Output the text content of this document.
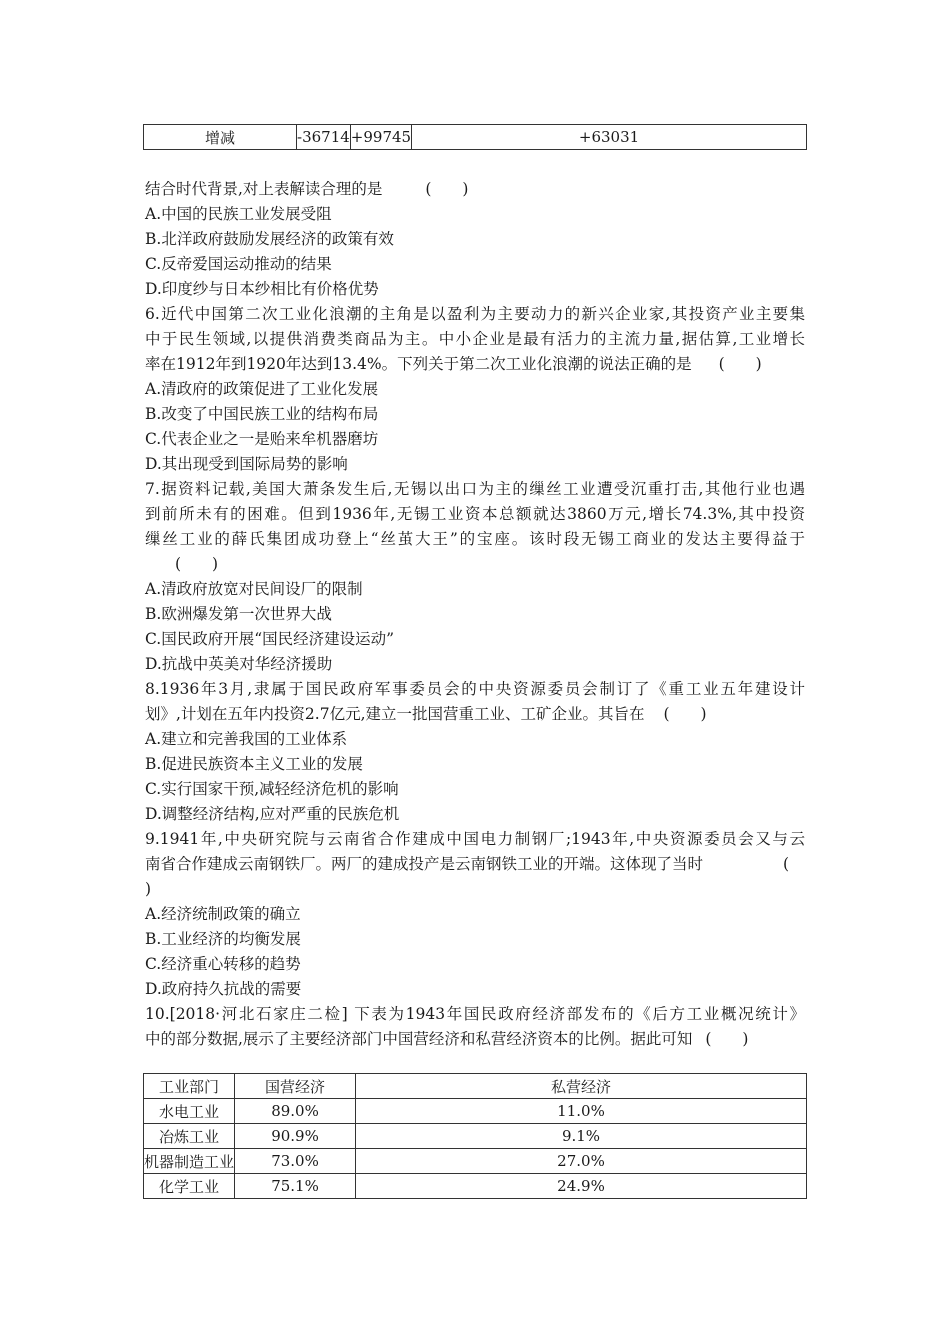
增减	-36714	+99745	+63031
结合时代背景,对上表解读合理的是	(　　)
A.中国的民族工业发展受阻
B.北洋政府鼓励发展经济的政策有效
C.反帝爱国运动推动的结果
D.印度纱与日本纱相比有价格优势
6.近代中国第二次工业化浪潮的主角是以盈利为主要动力的新兴企业家,其投资产业主要集
中于民生领域,以提供消费类商品为主。中小企业是最有活力的主流力量,据估算,工业增长
率在1912年到1920年达到13.4%。下列关于第二次工业化浪潮的说法正确的是 (　　)
A.清政府的政策促进了工业化发展
B.改变了中国民族工业的结构布局
C.代表企业之一是贻来牟机器磨坊
D.其出现受到国际局势的影响
7.据资料记载,美国大萧条发生后,无锡以出口为主的缫丝工业遭受沉重打击,其他行业也遇
到前所未有的困难。但到1936年,无锡工业资本总额就达3860万元,增长74.3%,其中投资
缫丝工业的薛氏集团成功登上“丝茧大王”的宝座。该时段无锡工商业的发达主要得益于
(　　)
A.清政府放宽对民间设厂的限制
B.欧洲爆发第一次世界大战
C.国民政府开展“国民经济建设运动”
D.抗战中英美对华经济援助
8.1936年3月,隶属于国民政府军事委员会的中央资源委员会制订了《重工业五年建设计
划》,计划在五年内投资2.7亿元,建立一批国营重工业、工矿企业。其旨在 (　　)
A.建立和完善我国的工业体系
B.促进民族资本主义工业的发展
C.实行国家干预,减轻经济危机的影响
D.调整经济结构,应对严重的民族危机
9.1941年,中央研究院与云南省合作建成中国电力制钢厂;1943年,中央资源委员会又与云
南省合作建成云南钢铁厂。两厂的建成投产是云南钢铁工业的开端。这体现了当时	(
)
A.经济统制政策的确立
B.工业经济的均衡发展
C.经济重心转移的趋势
D.政府持久抗战的需要
10.[2018·河北石家庄二检] 下表为1943年国民政府经济部发布的《后方工业概况统计》
中的部分数据,展示了主要经济部门中国营经济和私营经济资本的比例。据此可知 (　　)
工业部门	国营经济	私营经济
水电工业	89.0%	11.0%
冶炼工业	90.9%	9.1%
机器制造工业	73.0%	27.0%
化学工业	75.1%	24.9%
